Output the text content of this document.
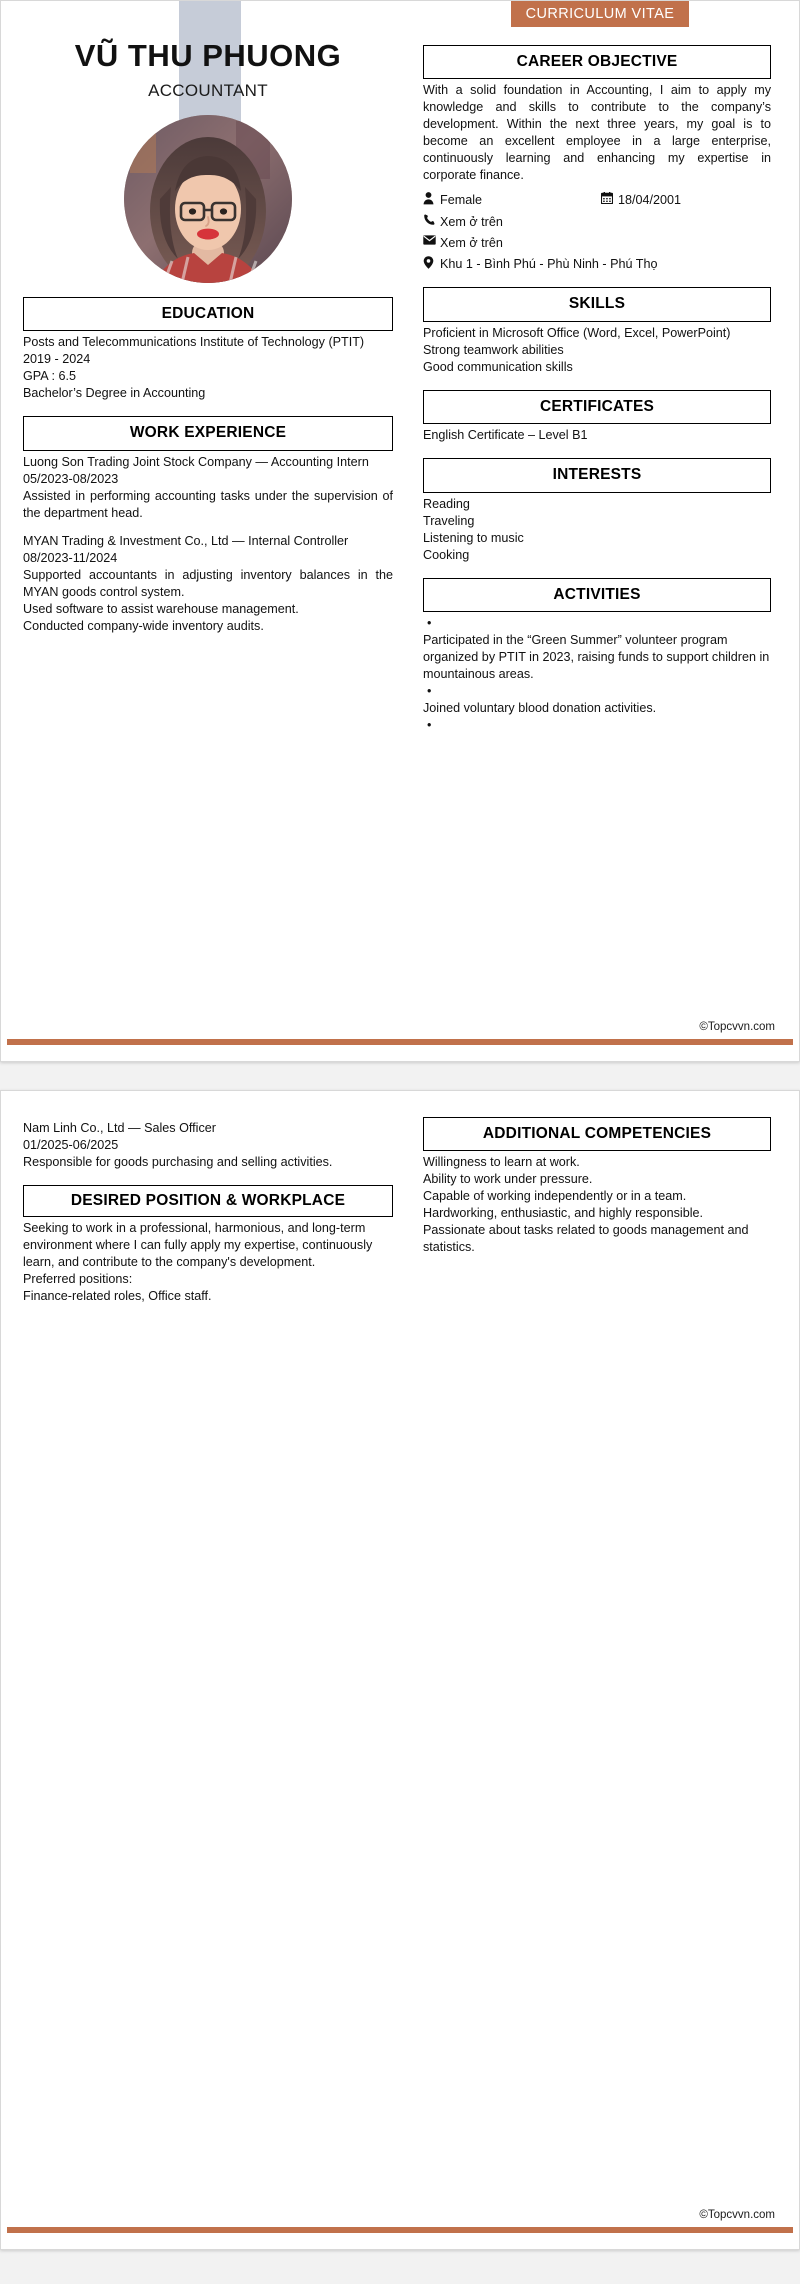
CURRICULUM VITAE
VŨ THU PHUONG
ACCOUNTANT
EDUCATION

Posts and Telecommunications Institute of Technology (PTIT)

2019 - 2024

GPA : 6.5

Bachelor’s Degree in Accounting

WORK EXPERIENCE

Luong Son Trading Joint Stock Company — Accounting Intern

05/2023-08/2023

Assisted in performing accounting tasks under the supervision of the department head.

MYAN Trading & Investment Co., Ltd — Internal Controller

08/2023-11/2024

Supported accountants in adjusting inventory balances in the MYAN goods control system.

Used software to assist warehouse management.

Conducted company-wide inventory audits.

CAREER OBJECTIVE

With a solid foundation in Accounting, I aim to apply my knowledge and skills to contribute to the company’s development. Within the next three years, my goal is to become an excellent employee in a large enterprise, continuously learning and enhancing my expertise in corporate finance.

Female	18/04/2001
Xem ở trên
Xem ở trên
Khu 1 - Bình Phú - Phù Ninh - Phú Thọ
SKILLS

Proficient in Microsoft Office (Word, Excel, PowerPoint)

Strong teamwork abilities

Good communication skills

CERTIFICATES

English Certificate – Level B1

INTERESTS

Reading

Traveling

Listening to music

Cooking

ACTIVITIES

•

Participated in the “Green Summer” volunteer program organized by PTIT in 2023, raising funds to support children in mountainous areas.

•

Joined voluntary blood donation activities.

•

©Topcvvn.com

Nam Linh Co., Ltd — Sales Officer

01/2025-06/2025

Responsible for goods purchasing and selling activities.

DESIRED POSITION & WORKPLACE

Seeking to work in a professional, harmonious, and long-term environment where I can fully apply my expertise, continuously learn, and contribute to the company's development.

Preferred positions:

Finance-related roles, Office staff.

ADDITIONAL COMPETENCIES

Willingness to learn at work.

Ability to work under pressure.

Capable of working independently or in a team.

Hardworking, enthusiastic, and highly responsible.

Passionate about tasks related to goods management and statistics.

©Topcvvn.com
